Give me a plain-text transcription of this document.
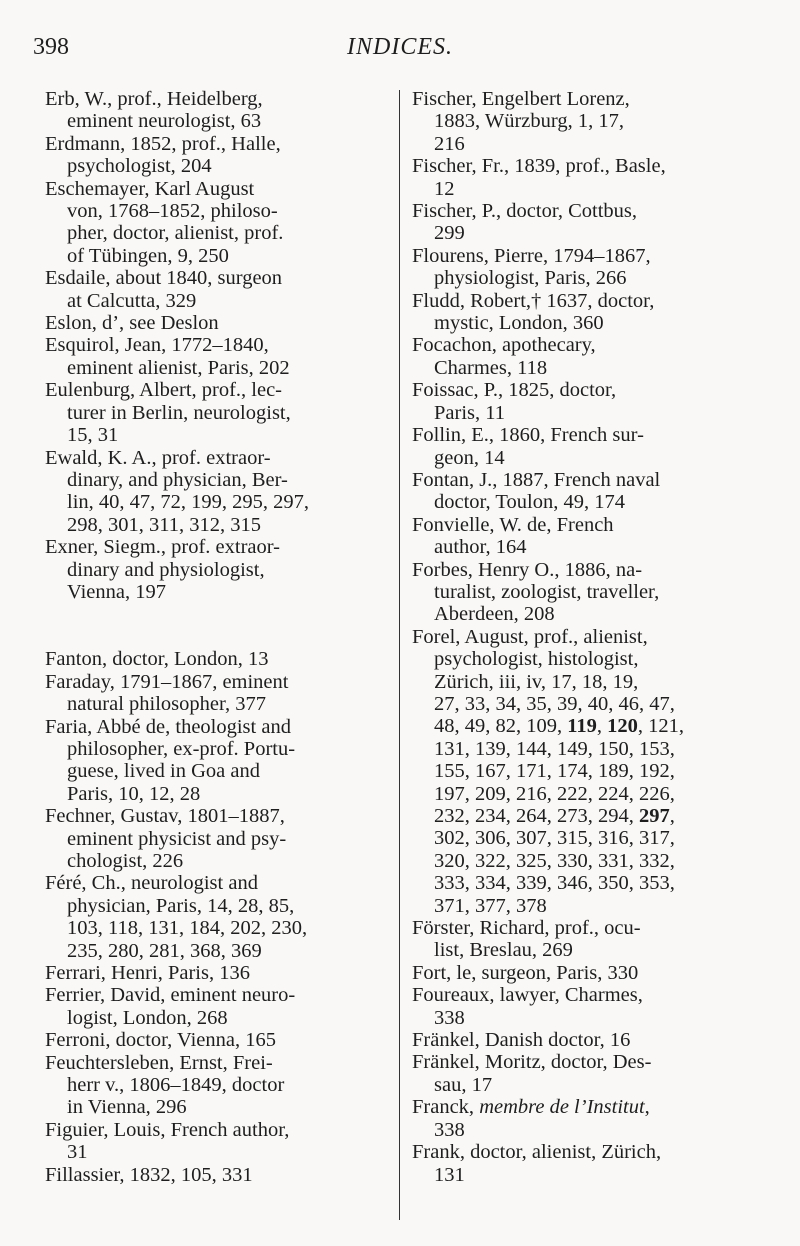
398	INDICES.
Erb, W., prof., Heidelberg,
eminent neurologist, 63
Erdmann, 1852, prof., Halle,
psychologist, 204
Eschemayer, Karl August
von, 1768–1852, philoso-
pher, doctor, alienist, prof.
of Tübingen, 9, 250
Esdaile, about 1840, surgeon
at Calcutta, 329
Eslon, d’, see Deslon
Esquirol, Jean, 1772–1840,
eminent alienist, Paris, 202
Eulenburg, Albert, prof., lec-
turer in Berlin, neurologist,
15, 31
Ewald, K. A., prof. extraor-
dinary, and physician, Ber-
lin, 40, 47, 72, 199, 295, 297,
298, 301, 311, 312, 315
Exner, Siegm., prof. extraor-
dinary and physiologist,
Vienna, 197
Fanton, doctor, London, 13
Faraday, 1791–1867, eminent
natural philosopher, 377
Faria, Abbé de, theologist and
philosopher, ex-prof. Portu-
guese, lived in Goa and
Paris, 10, 12, 28
Fechner, Gustav, 1801–1887,
eminent physicist and psy-
chologist, 226
Féré, Ch., neurologist and
physician, Paris, 14, 28, 85,
103, 118, 131, 184, 202, 230,
235, 280, 281, 368, 369
Ferrari, Henri, Paris, 136
Ferrier, David, eminent neuro-
logist, London, 268
Ferroni, doctor, Vienna, 165
Feuchtersleben, Ernst, Frei-
herr v., 1806–1849, doctor
in Vienna, 296
Figuier, Louis, French author,
31
Fillassier, 1832, 105, 331
Fischer, Engelbert Lorenz,
1883, Würzburg, 1, 17,
216
Fischer, Fr., 1839, prof., Basle,
12
Fischer, P., doctor, Cottbus,
299
Flourens, Pierre, 1794–1867,
physiologist, Paris, 266
Fludd, Robert,† 1637, doctor,
mystic, London, 360
Focachon, apothecary,
Charmes, 118
Foissac, P., 1825, doctor,
Paris, 11
Follin, E., 1860, French sur-
geon, 14
Fontan, J., 1887, French naval
doctor, Toulon, 49, 174
Fonvielle, W. de, French
author, 164
Forbes, Henry O., 1886, na-
turalist, zoologist, traveller,
Aberdeen, 208
Forel, August, prof., alienist,
psychologist, histologist,
Zürich, iii, iv, 17, 18, 19,
27, 33, 34, 35, 39, 40, 46, 47,
48, 49, 82, 109, 119, 120, 121,
131, 139, 144, 149, 150, 153,
155, 167, 171, 174, 189, 192,
197, 209, 216, 222, 224, 226,
232, 234, 264, 273, 294, 297,
302, 306, 307, 315, 316, 317,
320, 322, 325, 330, 331, 332,
333, 334, 339, 346, 350, 353,
371, 377, 378
Förster, Richard, prof., ocu-
list, Breslau, 269
Fort, le, surgeon, Paris, 330
Foureaux, lawyer, Charmes,
338
Fränkel, Danish doctor, 16
Fränkel, Moritz, doctor, Des-
sau, 17
Franck, membre de l’Institut,
338
Frank, doctor, alienist, Zürich,
131
